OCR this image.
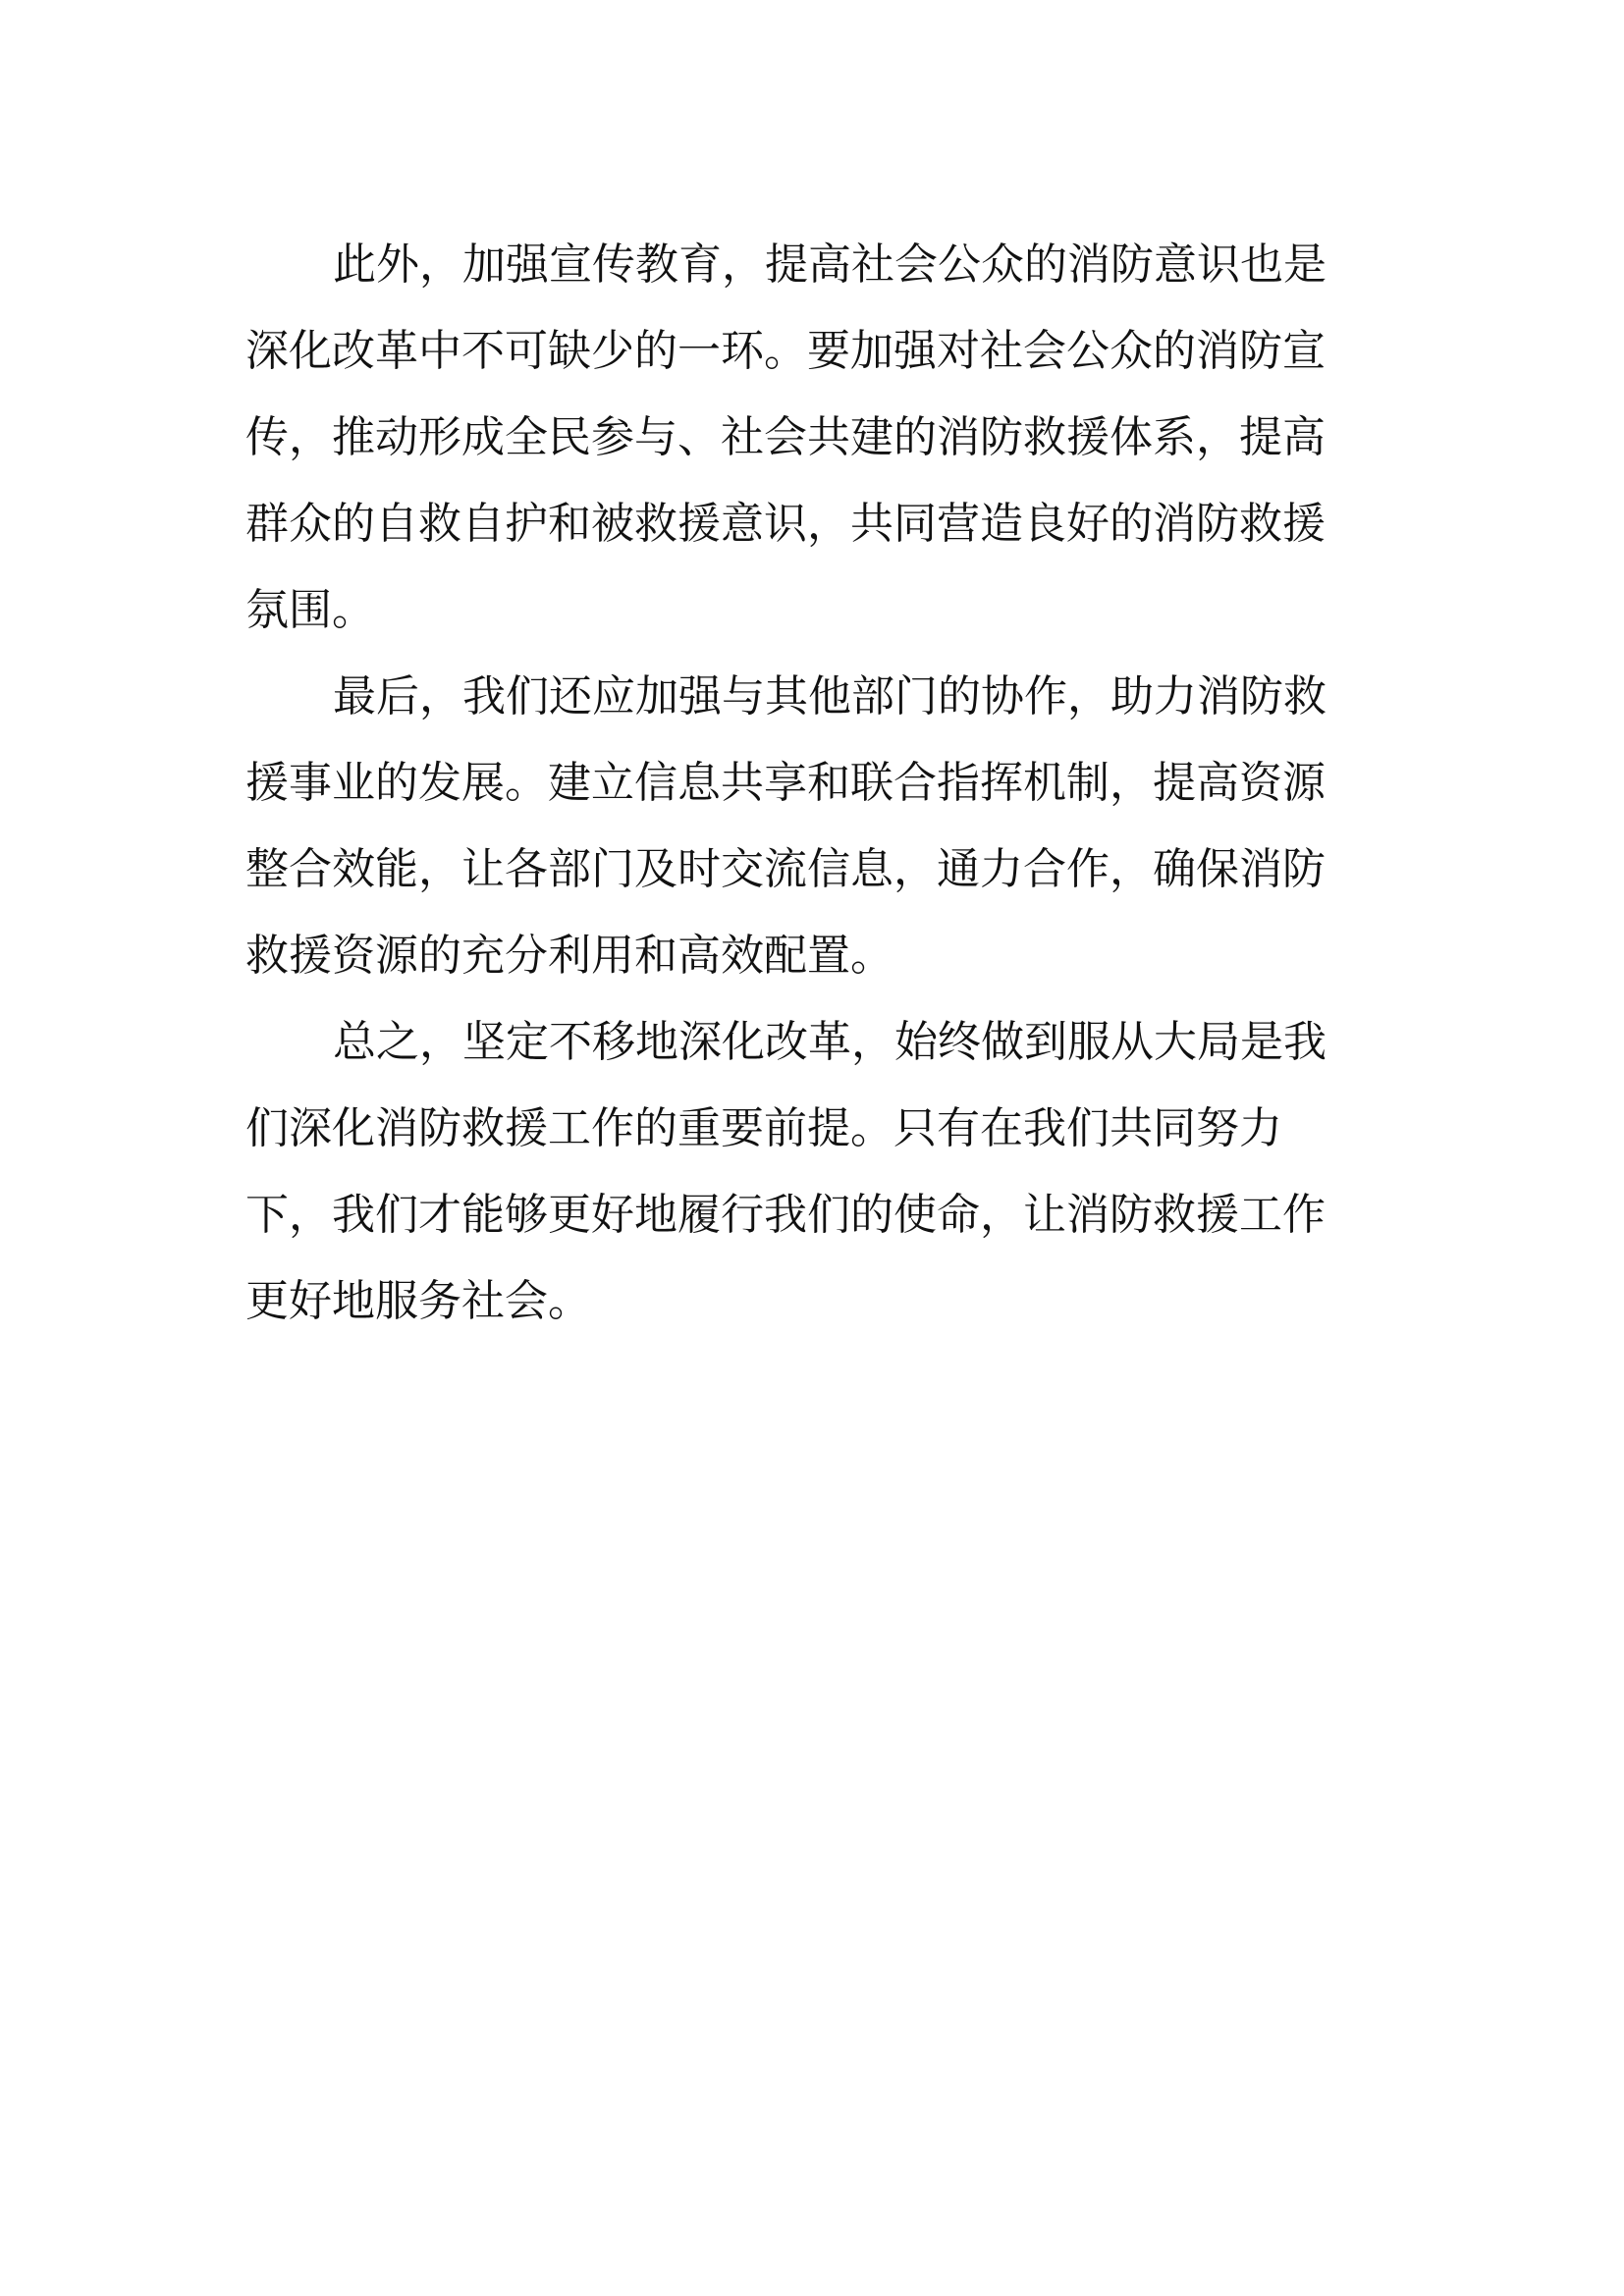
此外，加强宣传教育，提高社会公众的消防意识也是
深化改革中不可缺少的一环。要加强对社会公众的消防宣
传，推动形成全民参与、社会共建的消防救援体系，提高
群众的自救自护和被救援意识，共同营造良好的消防救援
氛围。
最后，我们还应加强与其他部门的协作，助力消防救
援事业的发展。建立信息共享和联合指挥机制，提高资源
整合效能，让各部门及时交流信息，通力合作，确保消防
救援资源的充分利用和高效配置。
总之，坚定不移地深化改革，始终做到服从大局是我
们深化消防救援工作的重要前提。只有在我们共同努力
下，我们才能够更好地履行我们的使命，让消防救援工作
更好地服务社会。
